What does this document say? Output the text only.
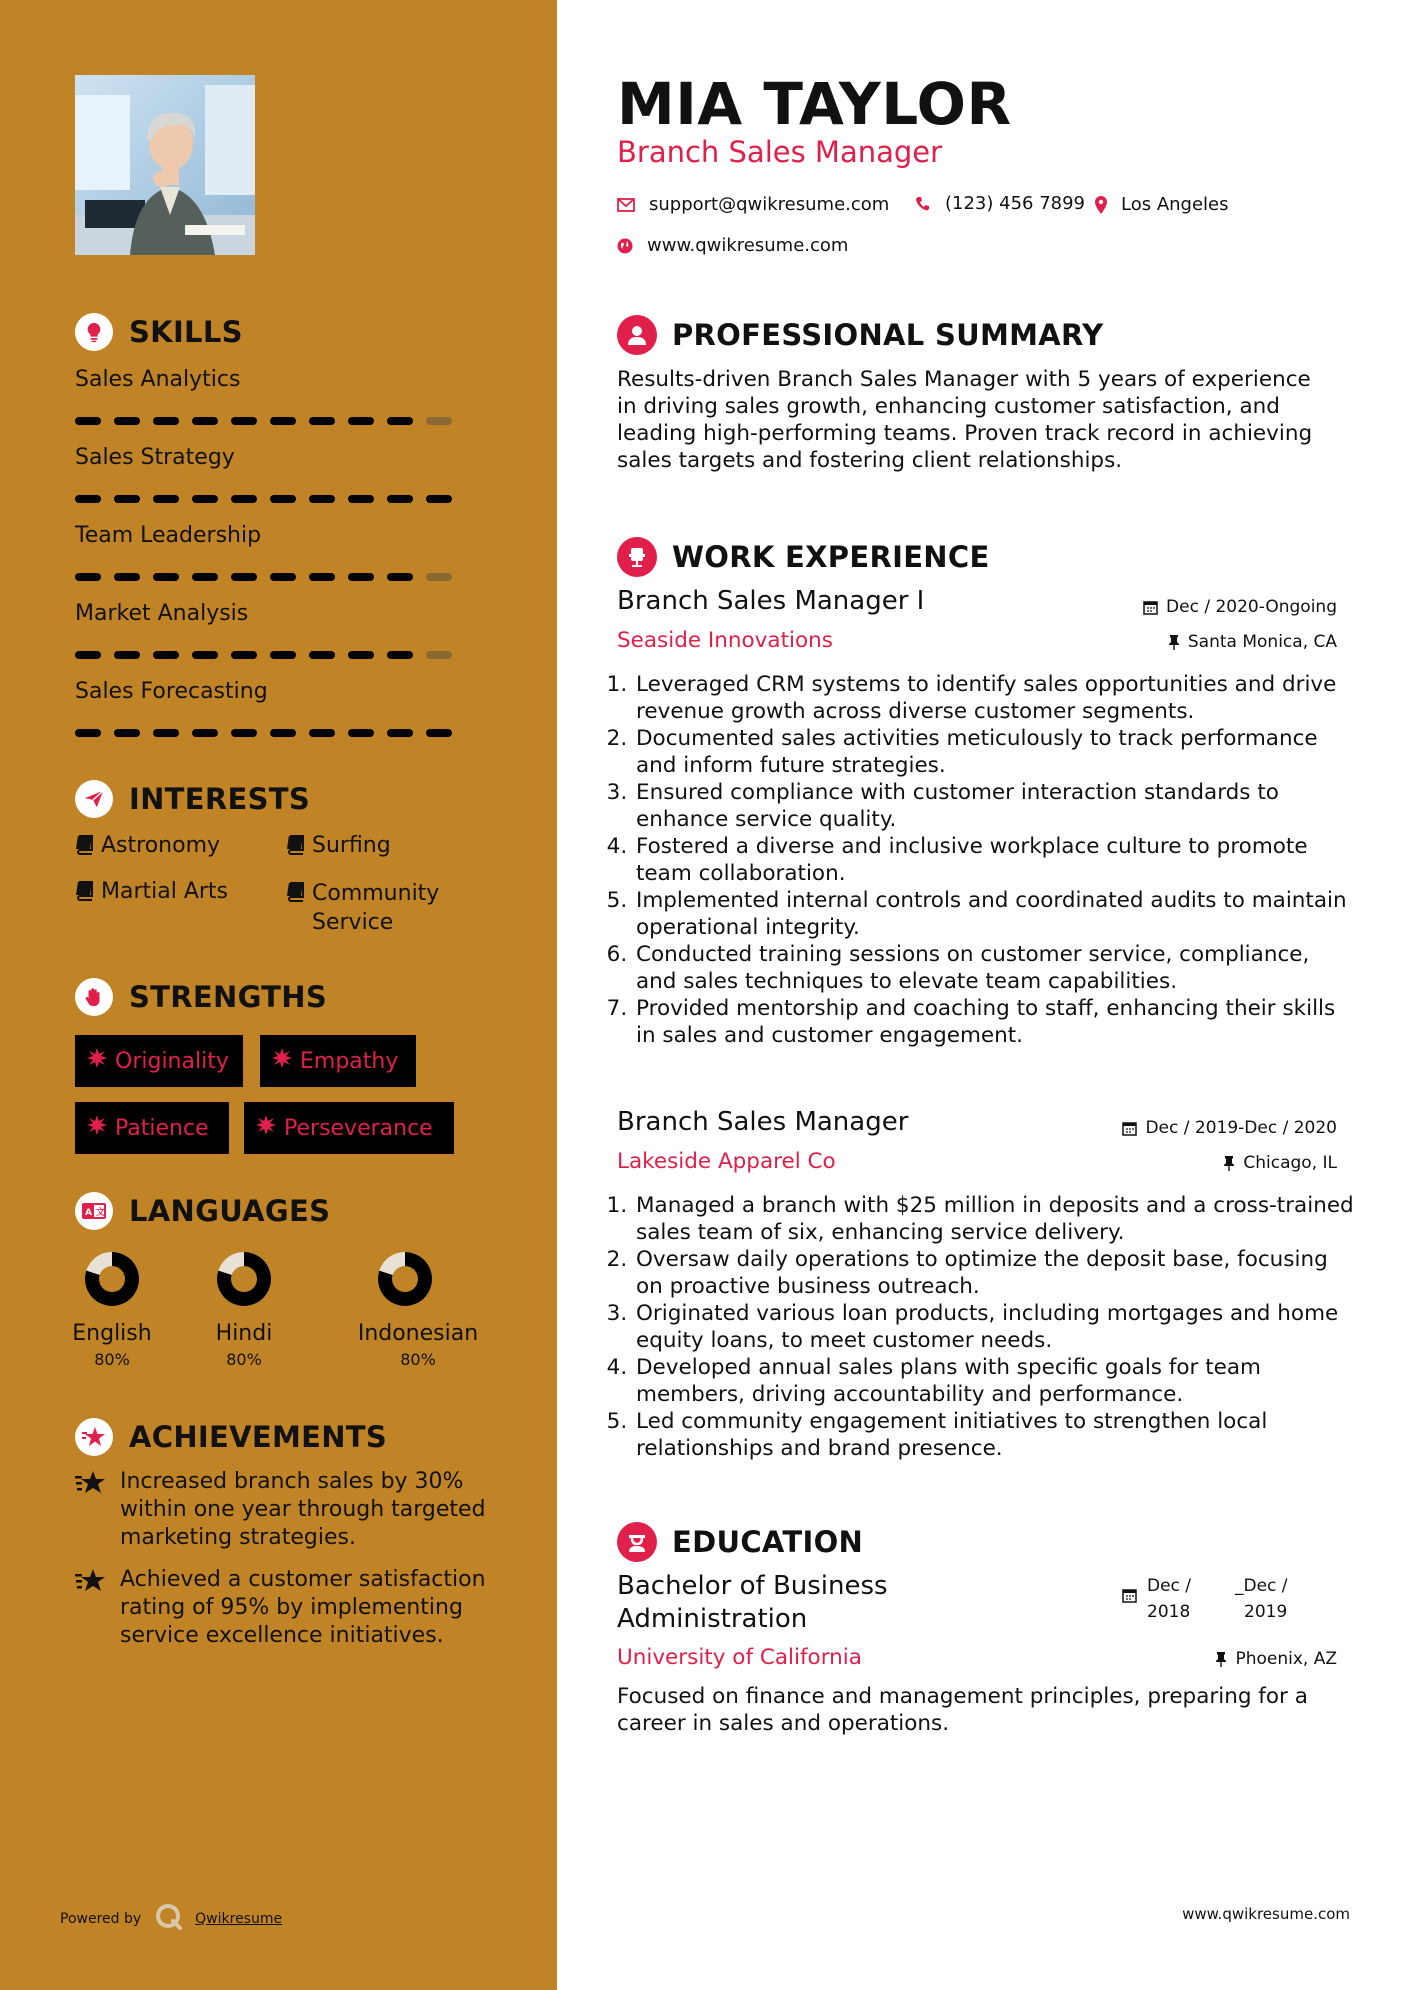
SKILLS
Sales Analytics
Sales Strategy
Team Leadership
Market Analysis
Sales Forecasting
INTERESTS
Astronomy	Surfing
Martial Arts	Community Service
STRENGTHS
Originality	Empathy
Patience	Perseverance
A 文 LANGUAGES
English
80%
Hindi
80%
Indonesian
80%
ACHIEVEMENTS
Increased branch sales by 30% within one year through targeted marketing strategies.
Achieved a customer satisfaction rating of 95% by implementing service excellence initiatives.
Powered by	Qwikresume
MIA TAYLOR
Branch Sales Manager
support@qwikresume.com	(123) 456 7899 Los Angeles
www.qwikresume.com
PROFESSIONAL SUMMARY
Results-driven Branch Sales Manager with 5 years of experience in driving sales growth, enhancing customer satisfaction, and leading high-performing teams. Proven track record in achieving sales targets and fostering client relationships.
WORK EXPERIENCE
Branch Sales Manager I	Dec / 2020-Ongoing
Seaside Innovations	Santa Monica, CA
1. Leveraged CRM systems to identify sales opportunities and drive revenue growth across diverse customer segments.
2. Documented sales activities meticulously to track performance and inform future strategies.
3. Ensured compliance with customer interaction standards to enhance service quality.
4. Fostered a diverse and inclusive workplace culture to promote team collaboration.
5. Implemented internal controls and coordinated audits to maintain operational integrity.
6. Conducted training sessions on customer service, compliance, and sales techniques to elevate team capabilities.
7. Provided mentorship and coaching to staff, enhancing their skills in sales and customer engagement.
Branch Sales Manager	Dec / 2019-Dec / 2020
Lakeside Apparel Co	Chicago, IL
1. Managed a branch with $25 million in deposits and a cross-trained sales team of six, enhancing service delivery.
2. Oversaw daily operations to optimize the deposit base, focusing on proactive business outreach.
3. Originated various loan products, including mortgages and home equity loans, to meet customer needs.
4. Developed annual sales plans with specific goals for team members, driving accountability and performance.
5. Led community engagement initiatives to strengthen local relationships and brand presence.
EDUCATION
Bachelor of Business Administration
Dec /
2018
_Dec /
2019
University of California	Phoenix, AZ
Focused on finance and management principles, preparing for a career in sales and operations.
www.qwikresume.com
